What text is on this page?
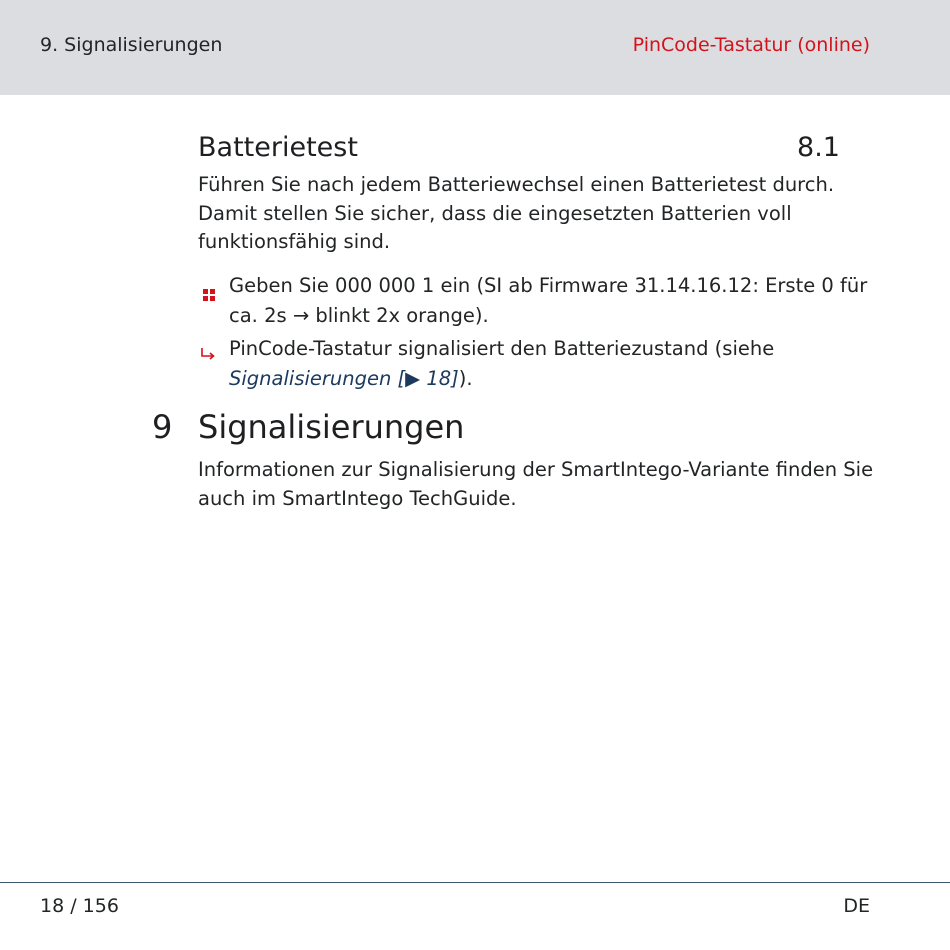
9. Signalisierungen	PinCode-Tastatur (online)
8.1
Batterietest

Führen Sie nach jedem Batteriewechsel einen Batterietest durch. Damit stellen Sie sicher, dass die eingesetzten Batterien voll funktionsfähig sind.

Geben Sie 000 000 1 ein (SI ab Firmware 31.14.16.12: Erste 0 für ca. 2s → blinkt 2x orange).
PinCode-Tastatur signalisiert den Batteriezustand (siehe Signalisierungen [▶ 18]).
9 Signalisierungen

Informationen zur Signalisierung der SmartIntego-Variante finden Sie auch im SmartIntego TechGuide.

18 / 156	DE
